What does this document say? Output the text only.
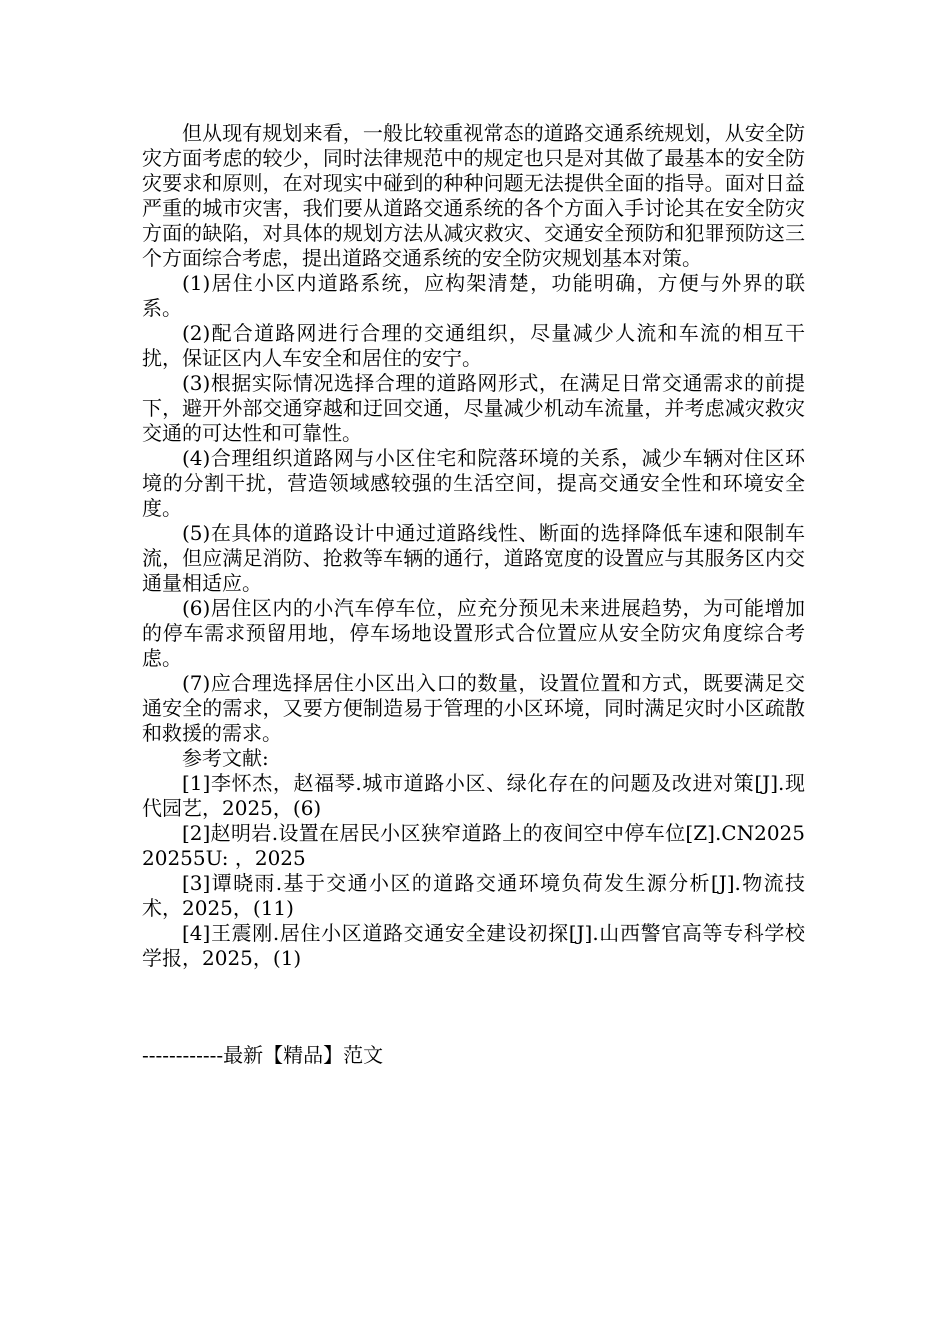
但从现有规划来看，一般比较重视常态的道路交通系统规划，从安全防灾方面考虑的较少，同时法律规范中的规定也只是对其做了最基本的安全防灾要求和原则，在对现实中碰到的种种问题无法提供全面的指导。面对日益严重的城市灾害，我们要从道路交通系统的各个方面入手讨论其在安全防灾方面的缺陷，对具体的规划方法从减灾救灾、交通安全预防和犯罪预防这三个方面综合考虑，提出道路交通系统的安全防灾规划基本对策。

(1)居住小区内道路系统，应构架清楚，功能明确，方便与外界的联系。

(2)配合道路网进行合理的交通组织，尽量减少人流和车流的相互干扰，保证区内人车安全和居住的安宁。

(3)根据实际情况选择合理的道路网形式，在满足日常交通需求的前提下，避开外部交通穿越和迂回交通，尽量减少机动车流量，并考虑减灾救灾交通的可达性和可靠性。

(4)合理组织道路网与小区住宅和院落环境的关系，减少车辆对住区环境的分割干扰，营造领域感较强的生活空间，提高交通安全性和环境安全度。

(5)在具体的道路设计中通过道路线性、断面的选择降低车速和限制车流，但应满足消防、抢救等车辆的通行，道路宽度的设置应与其服务区内交通量相适应。

(6)居住区内的小汽车停车位，应充分预见未来进展趋势，为可能增加的停车需求预留用地，停车场地设置形式合位置应从安全防灾角度综合考虑。

(7)应合理选择居住小区出入口的数量，设置位置和方式，既要满足交通安全的需求，又要方便制造易于管理的小区环境，同时满足灾时小区疏散和救援的需求。

参考文献:

[1]李怀杰，赵福琴.城市道路小区、绿化存在的问题及改进对策[J].现代园艺，2025，(6)

[2]赵明岩.设置在居民小区狭窄道路上的夜间空中停车位[Z].CN202520255U: ，2025

[3]谭晓雨.基于交通小区的道路交通环境负荷发生源分析[J].物流技术，2025，(11)

[4]王震刚.居住小区道路交通安全建设初探[J].山西警官高等专科学校学报，2025，(1)

------------最新【精品】范文
